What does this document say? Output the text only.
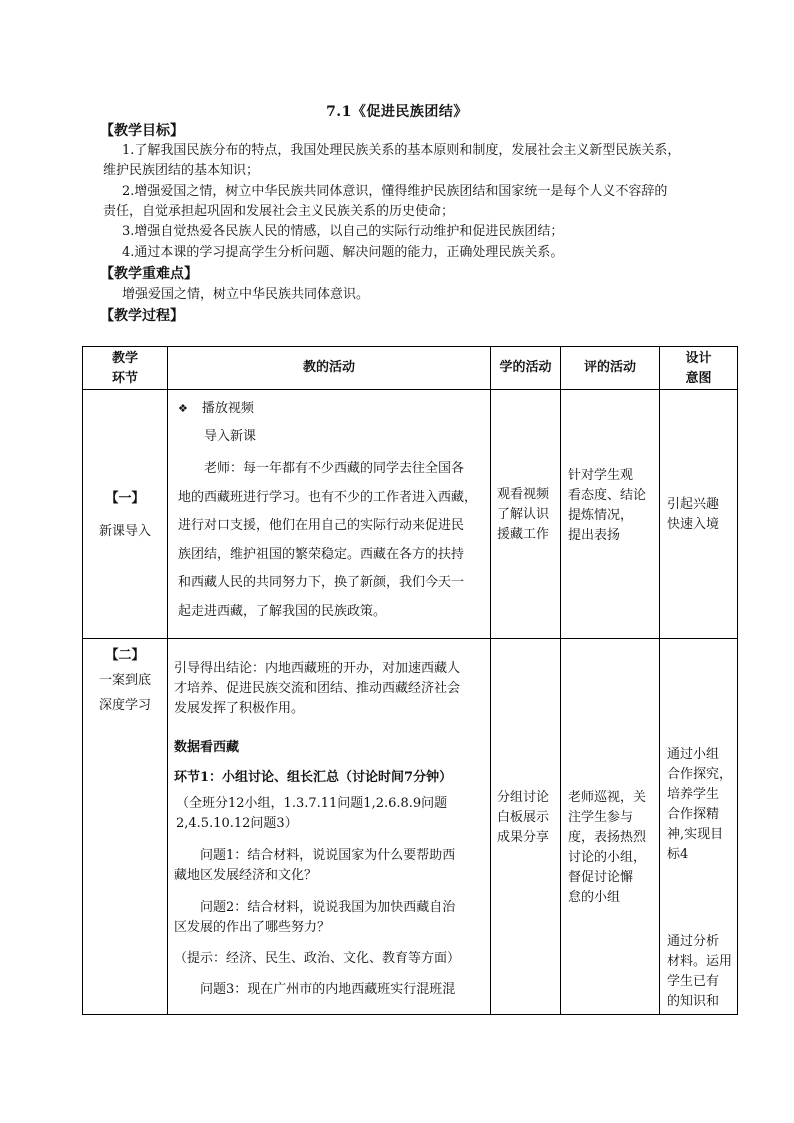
7.1《促进民族团结》
【教学目标】
1.了解我国民族分布的特点，我国处理民族关系的基本原则和制度，发展社会主义新型民族关系，
维护民族团结的基本知识；
2.增强爱国之情，树立中华民族共同体意识，懂得维护民族团结和国家统一是每个人义不容辞的
责任，自觉承担起巩固和发展社会主义民族关系的历史使命；
3.增强自觉热爱各民族人民的情感，以自己的实际行动维护和促进民族团结；
4.通过本课的学习提高学生分析问题、解决问题的能力，正确处理民族关系。
【教学重难点】
增强爱国之情，树立中华民族共同体意识。
【教学过程】
教学
环节
教的活动	学的活动	评的活动
设计
意图
【一】
新课导入
❖ 播放视频
导入新课
老师：每一年都有不少西藏的同学去往全国各
地的西藏班进行学习。也有不少的工作者进入西藏，
进行对口支援，他们在用自己的实际行动来促进民
族团结，维护祖国的繁荣稳定。西藏在各方的扶持
和西藏人民的共同努力下，换了新颜，我们今天一
起走进西藏，了解我国的民族政策。
观看视频
了解认识
援藏工作
针对学生观
看态度、结论
提炼情况，
提出表扬
引起兴趣
快速入境
【二】
一案到底
深度学习
引导得出结论：内地西藏班的开办，对加速西藏人
才培养、促进民族交流和团结、推动西藏经济社会
发展发挥了积极作用。
数据看西藏
环节1：小组讨论、组长汇总（讨论时间7分钟）
（全班分12小组，1.3.7.11问题1,2.6.8.9问题
2,4.5.10.12问题3）
问题1：结合材料，说说国家为什么要帮助西
藏地区发展经济和文化？
问题2：结合材料，说说我国为加快西藏自治
区发展的作出了哪些努力？
（提示：经济、民生、政治、文化、教育等方面）
问题3：现在广州市的内地西藏班实行混班混
分组讨论
白板展示
成果分享
老师巡视，关
注学生参与
度，表扬热烈
讨论的小组，
督促讨论懈
怠的小组
通过小组
合作探究，
培养学生
合作探精
神,实现目
标4
通过分析
材料。运用
学生已有
的知识和
